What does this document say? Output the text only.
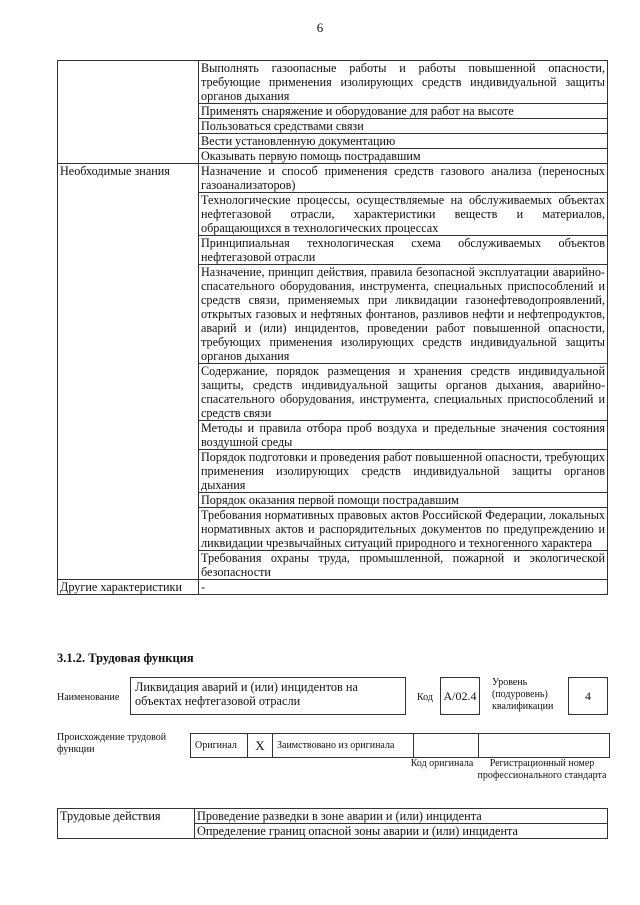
6
	Выполнять газоопасные работы и работы повышенной опасности, требующие применения изолирующих средств индивидуальной защиты органов дыхания
	Применять снаряжение и оборудование для работ на высоте
	Пользоваться средствами связи
	Вести установленную документацию
	Оказывать первую помощь пострадавшим
Необходимые знания	Назначение и способ применения средств газового анализа (переносных газоанализаторов)
	Технологические процессы, осуществляемые на обслуживаемых объектах нефтегазовой отрасли, характеристики веществ и материалов, обращающихся в технологических процессах
	Принципиальная технологическая схема обслуживаемых объектов нефтегазовой отрасли
	Назначение, принцип действия, правила безопасной эксплуатации аварийно-спасательного оборудования, инструмента, специальных приспособлений и средств связи, применяемых при ликвидации газонефтеводопроявлений, открытых газовых и нефтяных фонтанов, разливов нефти и нефтепродуктов, аварий и (или) инцидентов, проведении работ повышенной опасности, требующих применения изолирующих средств индивидуальной защиты органов дыхания
	Содержание, порядок размещения и хранения средств индивидуальной защиты, средств индивидуальной защиты органов дыхания, аварийно-спасательного оборудования, инструмента, специальных приспособлений и средств связи
	Методы и правила отбора проб воздуха и предельные значения состояния воздушной среды
	Порядок подготовки и проведения работ повышенной опасности, требующих применения изолирующих средств индивидуальной защиты органов дыхания
	Порядок оказания первой помощи пострадавшим
	Требования нормативных правовых актов Российской Федерации, локальных нормативных актов и распорядительных документов по предупреждению и ликвидации чрезвычайных ситуаций природного и техногенного характера
	Требования охраны труда, промышленной, пожарной и экологической безопасности
Другие характеристики	-
3.1.2. Трудовая функция
Наименование
Ликвидация аварий и (или) инцидентов на объектах нефтегазовой отрасли	Код А/02.4
Уровень (подуровень) квалификации
4
Происхождение трудовой функции	Оригинал	X	Заимствовано из оригинала		
Код оригинала	Регистрационный номер профессионального стандарта
Трудовые действия	Проведение разведки в зоне аварии и (или) инцидента
Определение границ опасной зоны аварии и (или) инцидента
